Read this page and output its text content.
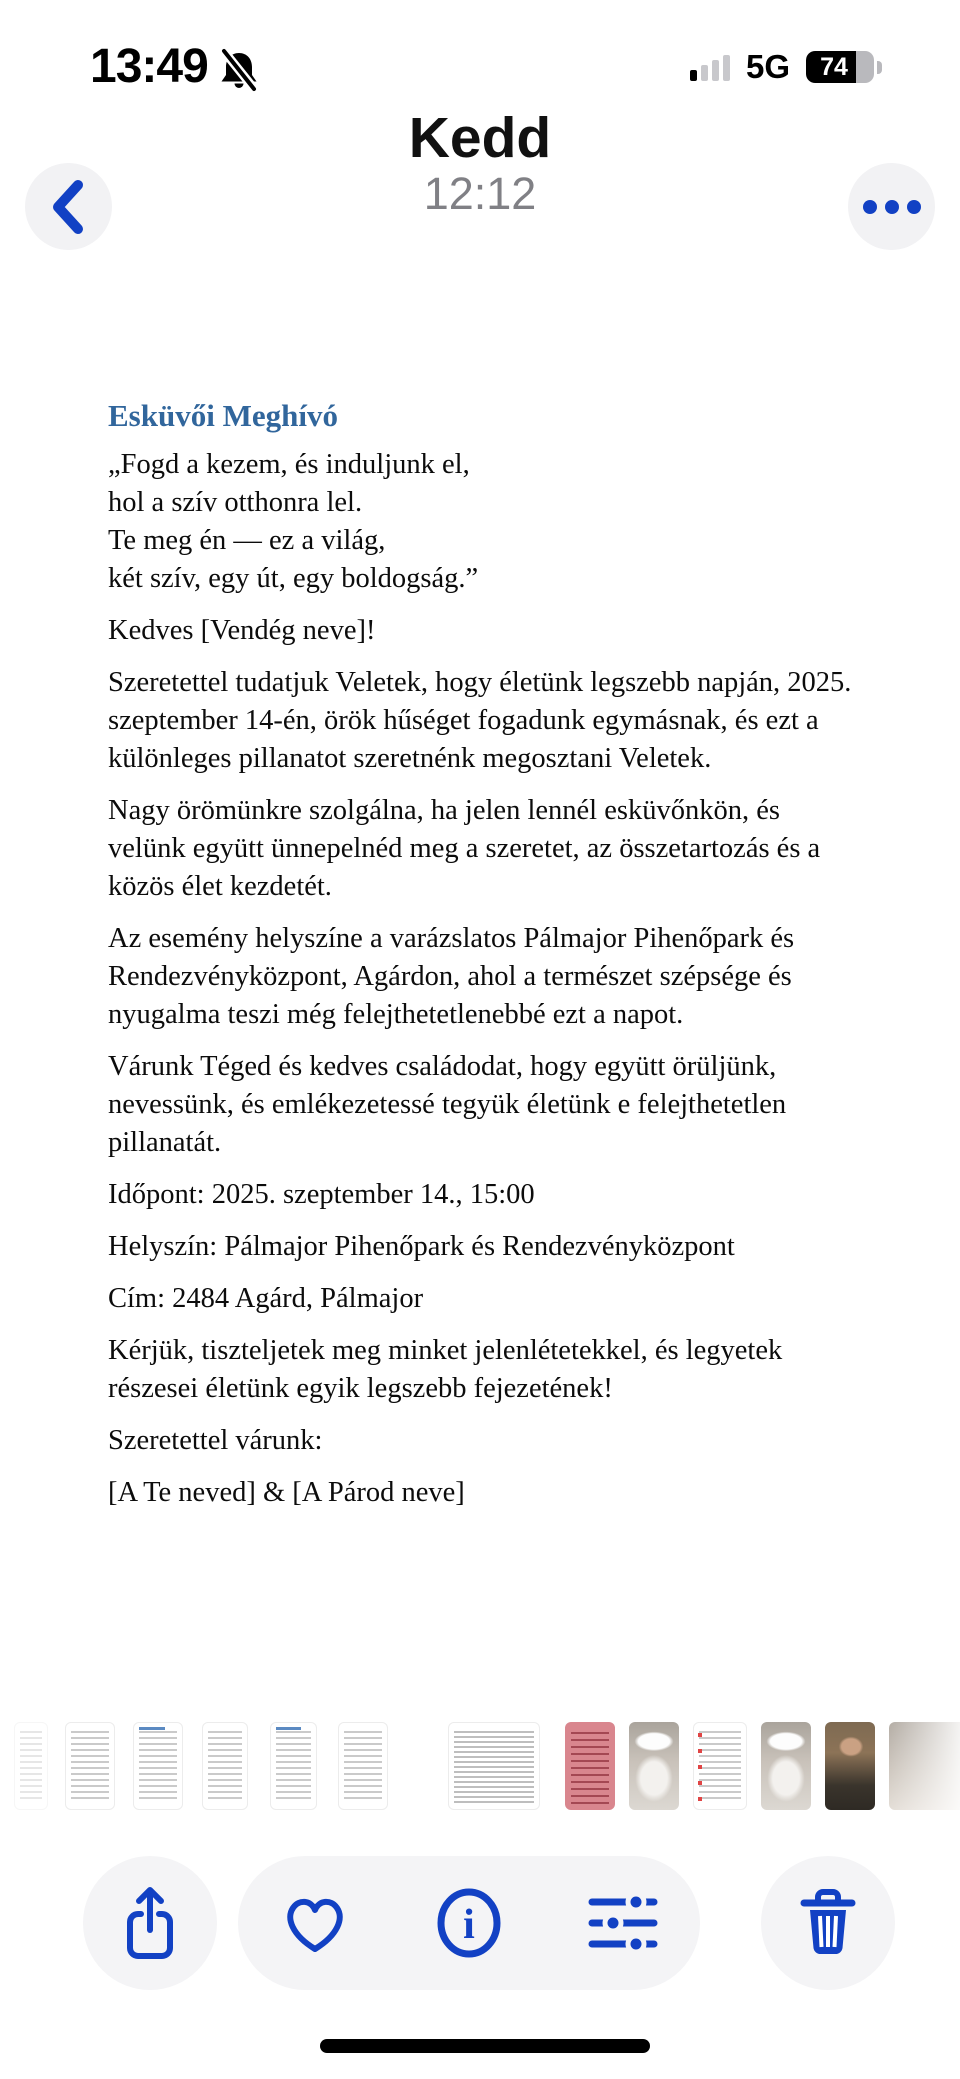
13:49	5G	74
Kedd
12:12
Esküvői Meghívó
„Fogd a kezem, és induljunk el,
hol a szív otthonra lel.
Te meg én — ez a világ,
két szív, egy út, egy boldogság.”

Kedves [Vendég neve]!

Szeretettel tudatjuk Veletek, hogy életünk legszebb napján, 2025. szeptember 14-én, örök hűséget fogadunk egymásnak, és ezt a különleges pillanatot szeretnénk megosztani Veletek.

Nagy örömünkre szolgálna, ha jelen lennél esküvőnkön, és velünk együtt ünnepelnéd meg a szeretet, az összetartozás és a közös élet kezdetét.

Az esemény helyszíne a varázslatos Pálmajor Pihenőpark és Rendezvényközpont, Agárdon, ahol a természet szépsége és nyugalma teszi még felejthetetlenebbé ezt a napot.

Várunk Téged és kedves családodat, hogy együtt örüljünk, nevessünk, és emlékezetessé tegyük életünk e felejthetetlen pillanatát.

Időpont: 2025. szeptember 14., 15:00

Helyszín: Pálmajor Pihenőpark és Rendezvényközpont

Cím: 2484 Agárd, Pálmajor

Kérjük, tiszteljetek meg minket jelenlétetekkel, és legyetek részesei életünk egyik legszebb fejezetének!

Szeretettel várunk:

[A Te neved] & [A Párod neve]

i
